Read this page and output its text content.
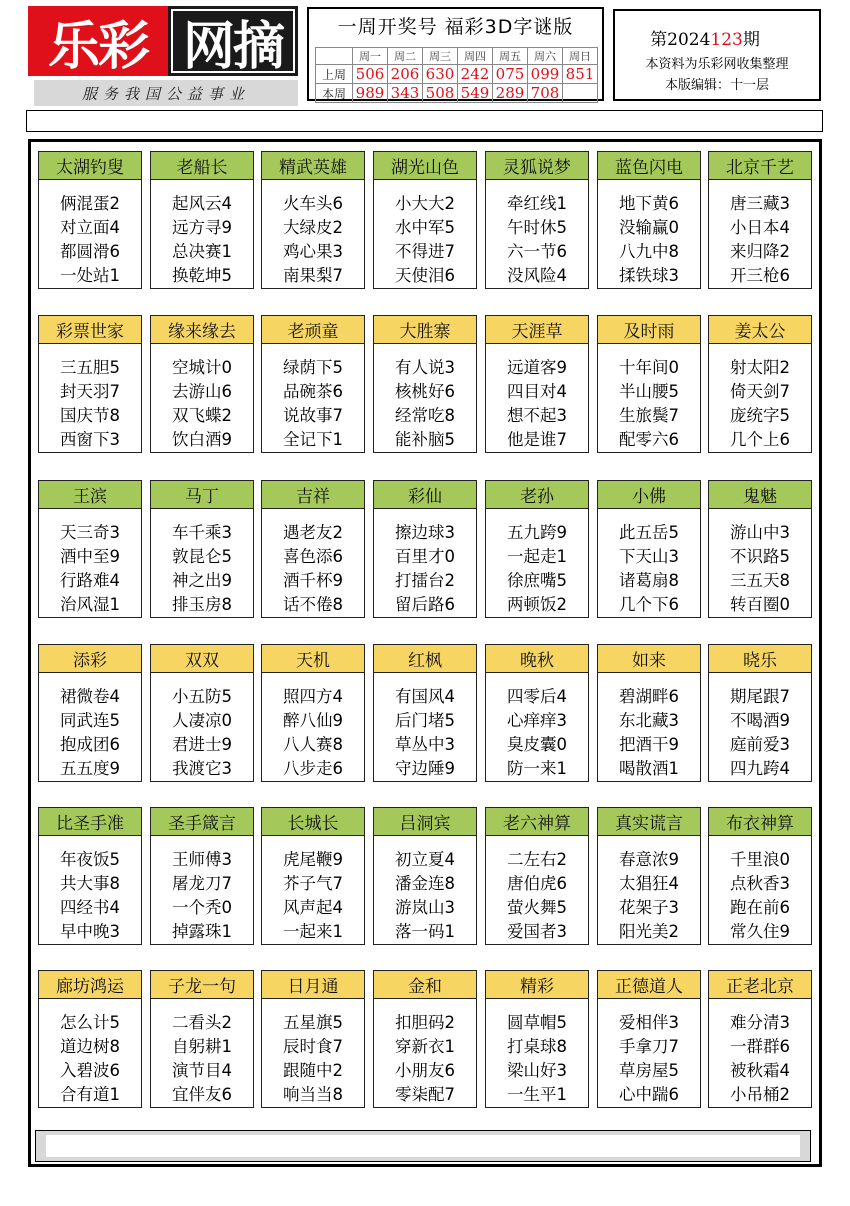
乐彩 网摘
服务我国公益事业
一周开奖号 福彩3D字谜版
	周一	周二	周三	周四	周五	周六	周日
上周	506	206	630	242	075	099	851
本周	989	343	508	549	289	708	
第2024123期
本资料为乐彩网收集整理
本版编辑：十一层
太湖钓叟
俩混蛋2
对立面4
都圆滑6
一处站1
老船长
起风云4
远方寻9
总决赛1
换乾坤5
精武英雄
火车头6
大绿皮2
鸡心果3
南果梨7
湖光山色
小大大2
水中军5
不得进7
天使泪6
灵狐说梦
牵红线1
午时休5
六一节6
没风险4
蓝色闪电
地下黄6
没输赢0
八九中8
揉铁球3
北京千艺
唐三藏3
小日本4
来归降2
开三枪6
彩票世家
三五胆5
封天羽7
国庆节8
西窗下3
缘来缘去
空城计0
去游山6
双飞蝶2
饮白酒9
老顽童
绿荫下5
品碗茶6
说故事7
全记下1
大胜寨
有人说3
核桃好6
经常吃8
能补脑5
天涯草
远道客9
四目对4
想不起3
他是谁7
及时雨
十年间0
半山腰5
生旅鬓7
配零六6
姜太公
射太阳2
倚天剑7
庞统字5
几个上6
王滨
天三奇3
酒中至9
行路难4
治风湿1
马丁
车千乘3
敦昆仑5
神之出9
排玉房8
吉祥
遇老友2
喜色添6
酒千杯9
话不倦8
彩仙
擦边球3
百里才0
打擂台2
留后路6
老孙
五九跨9
一起走1
徐庶嘴5
两顿饭2
小佛
此五岳5
下天山3
诸葛扇8
几个下6
鬼魅
游山中3
不识路5
三五天8
转百圈0
添彩
裙微卷4
同武连5
抱成团6
五五度9
双双
小五防5
人凄凉0
君进士9
我渡它3
天机
照四方4
醉八仙9
八人赛8
八步走6
红枫
有国风4
后门堵5
草丛中3
守边陲9
晚秋
四零后4
心痒痒3
臭皮囊0
防一来1
如来
碧湖畔6
东北藏3
把酒干9
喝散酒1
晓乐
期尾跟7
不喝酒9
庭前爱3
四九跨4
比圣手准
年夜饭5
共大事8
四经书4
早中晚3
圣手箴言
王师傅3
屠龙刀7
一个秃0
掉露珠1
长城长
虎尾鞭9
芥子气7
风声起4
一起来1
吕洞宾
初立夏4
潘金连8
游岚山3
落一码1
老六神算
二左右2
唐伯虎6
萤火舞5
爱国者3
真实谎言
春意浓9
太猖狂4
花架子3
阳光美2
布衣神算
千里浪0
点秋香3
跑在前6
常久住9
廊坊鸿运
怎么计5
道边树8
入碧波6
合有道1
子龙一句
二看头2
自躬耕1
演节目4
宜伴友6
日月通
五星旗5
辰时食7
跟随中2
响当当8
金和
扣胆码2
穿新衣1
小朋友6
零柒配7
精彩
圆草帽5
打桌球8
梁山好3
一生平1
正德道人
爱相伴3
手拿刀7
草房屋5
心中踹6
正老北京
难分清3
一群群6
被秋霜4
小吊桶2
